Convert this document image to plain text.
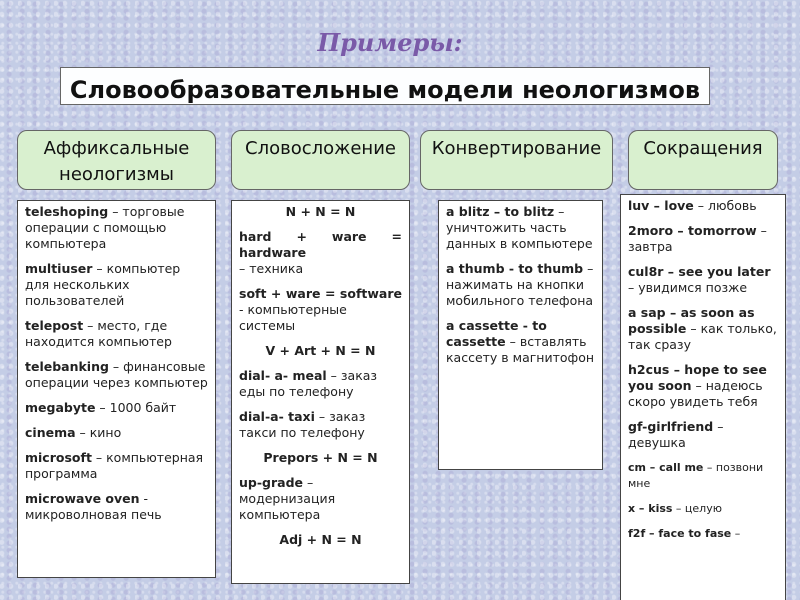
Примеры:
Словообразовательные модели неологизмов
Аффиксальные неологизмы
Словосложение	Конвертирование	Сокращения

teleshoping – торговые операции с помощью компьютера

multiuser – компьютер для нескольких пользователей

telepost – место, где находится компьютер

telebanking – финансовые операции через компьютер

megabyte – 1000 байт

cinema – кино

microsoft – компьютерная программа

microwave oven - микроволновая печь

N + N = N

hard + ware = hardware
– техника

soft + ware = software
- компьютерные системы

V + Art + N = N

dial- a- meal – заказ еды по телефону

dial-a- taxi – заказ такси по телефону

Prepors + N = N

up-grade – модернизация компьютера

Adj + N = N

a blitz – to blitz – уничтожить часть данных в компьютере

a thumb - to thumb – нажимать на кнопки мобильного телефона

a cassette - to cassette – вставлять кассету в магнитофон

luv – love – любовь

2moro – tomorrow – завтра

cul8r – see you later – увидимся позже

a sap – as soon as possible – как только, так сразу

h2cus – hope to see you soon – надеюсь скоро увидеть тебя

gf-girlfriend – девушка

cm – call me – позвони мне

x – kiss – целую

f2f – face to fase –
